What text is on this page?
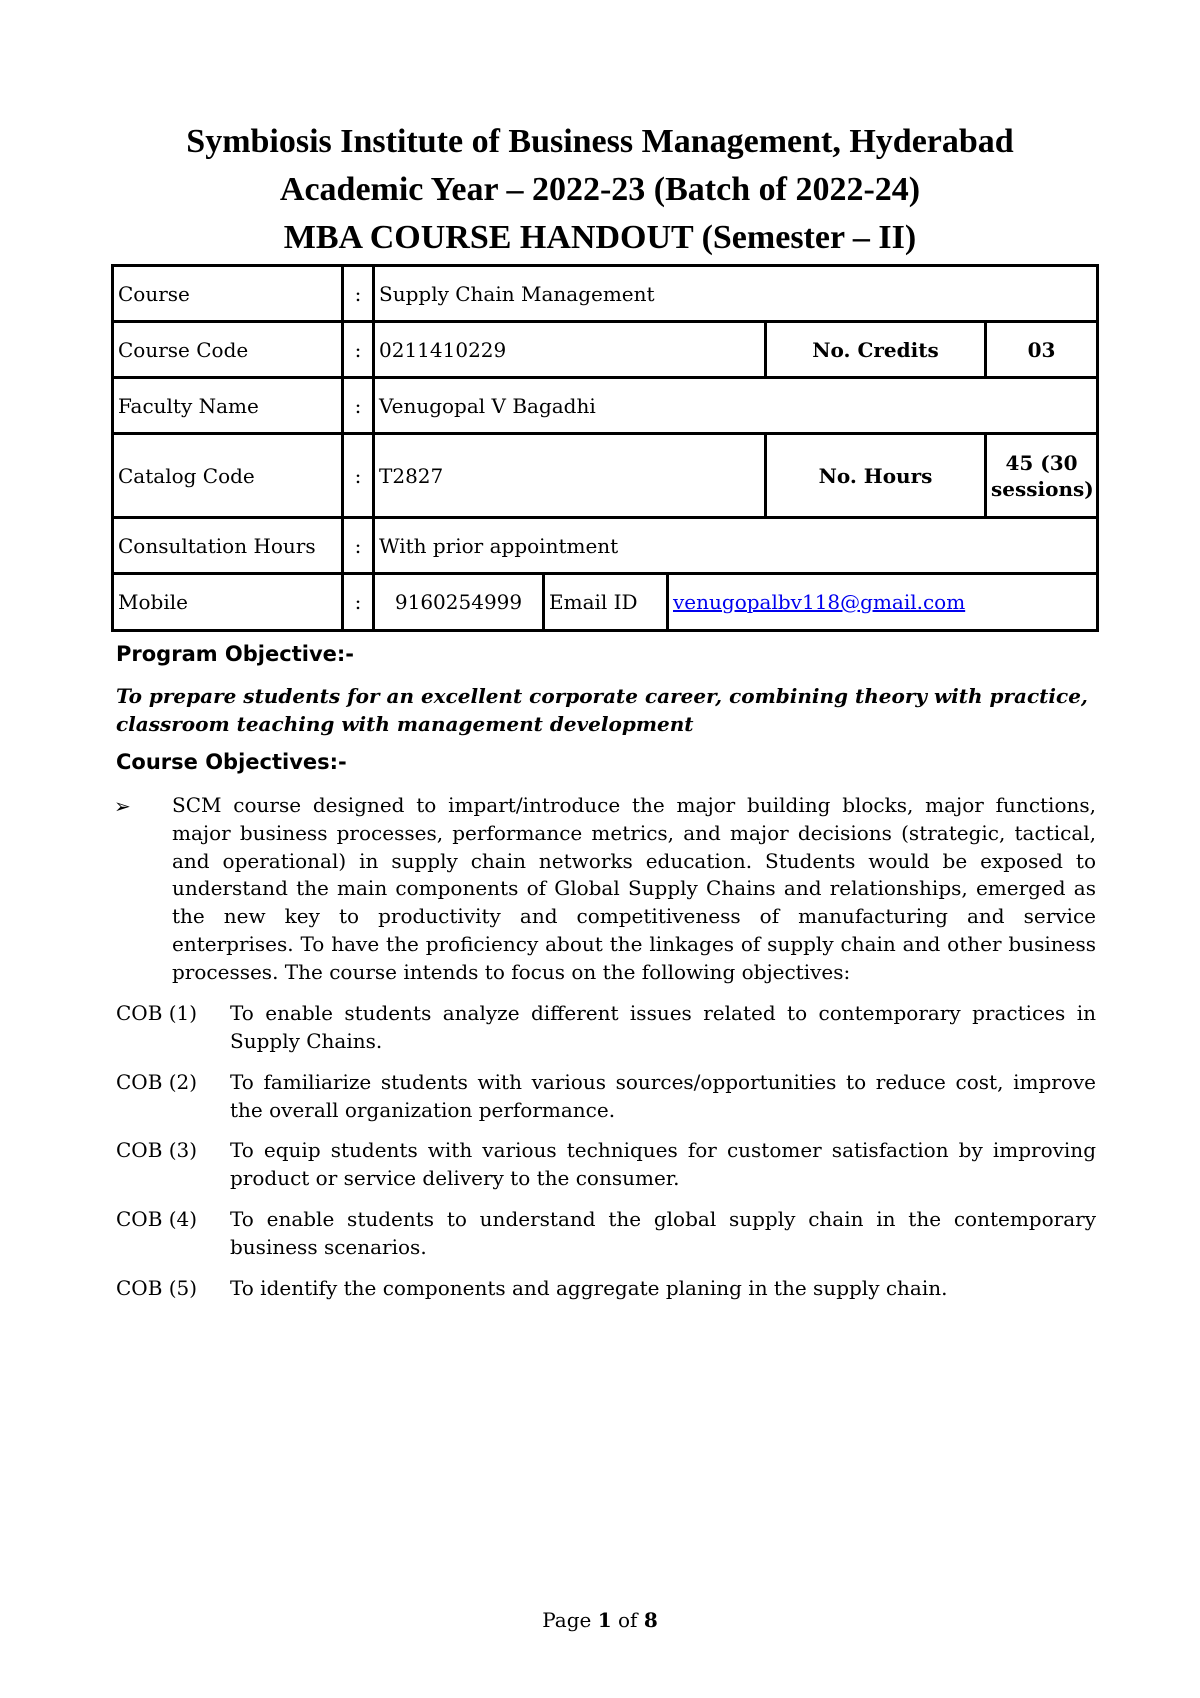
Symbiosis Institute of Business Management, Hyderabad
Academic Year – 2022-23 (Batch of 2022-24)
MBA COURSE HANDOUT (Semester – II)
Course	:	Supply Chain Management				
Course Code	:	0211410229			No. Credits	03
Faculty Name	:	Venugopal V Bagadhi				
Catalog Code	:	T2827			No. Hours	45 (30 sessions)
Consultation Hours	:	With prior appointment				
Mobile	:	9160254999	Email ID	venugopalbv118@gmail.com		
Program Objective:-
To prepare students for an excellent corporate career, combining theory with practice, classroom teaching with management development
Course Objectives:-
➢ SCM course designed to impart/introduce the major building blocks, major functions, major business processes, performance metrics, and major decisions (strategic, tactical, and operational) in supply chain networks education. Students would be exposed to understand the main components of Global Supply Chains and relationships, emerged as the new key to productivity and competitiveness of manufacturing and service enterprises. To have the proficiency about the linkages of supply chain and other business processes. The course intends to focus on the following objectives:
COB (1)	To enable students analyze different issues related to contemporary practices in Supply Chains.
COB (2)	To familiarize students with various sources/opportunities to reduce cost, improve the overall organization performance.
COB (3)	To equip students with various techniques for customer satisfaction by improving product or service delivery to the consumer.
COB (4)	To enable students to understand the global supply chain in the contemporary business scenarios.
COB (5)	To identify the components and aggregate planing in the supply chain.
Page 1 of 8
